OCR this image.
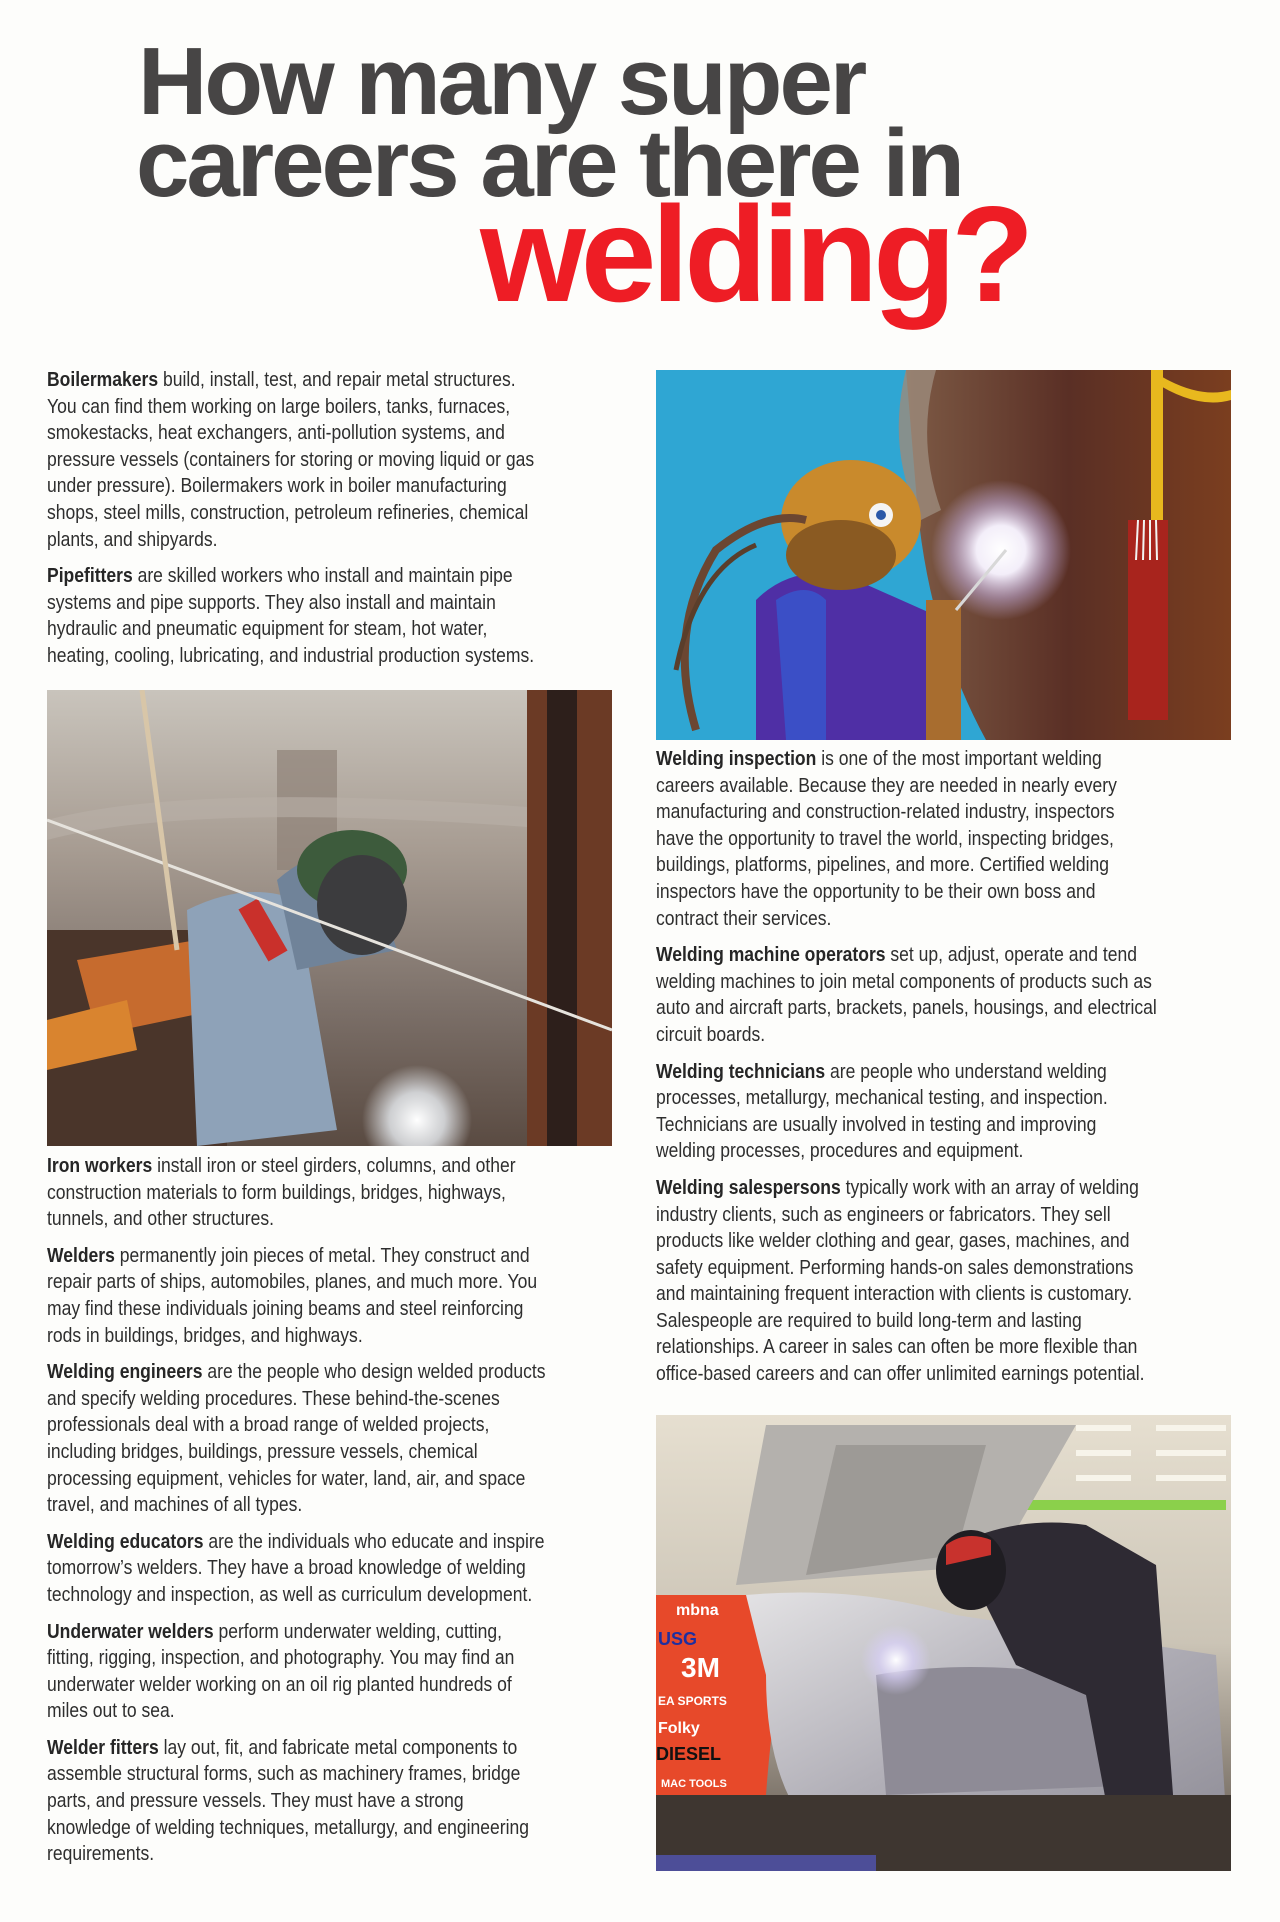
How many super
careers are there in
welding?
Boilermakers build, install, test, and repair metal structures.
You can find them working on large boilers, tanks, furnaces,
smokestacks, heat exchangers, anti-pollution systems, and
pressure vessels (containers for storing or moving liquid or gas
under pressure). Boilermakers work in boiler manufacturing
shops, steel mills, construction, petroleum refineries, chemical
plants, and shipyards.
Pipefitters are skilled workers who install and maintain pipe
systems and pipe supports. They also install and maintain
hydraulic and pneumatic equipment for steam, hot water,
heating, cooling, lubricating, and industrial production systems.
Iron workers install iron or steel girders, columns, and other
construction materials to form buildings, bridges, highways,
tunnels, and other structures.
Welders permanently join pieces of metal. They construct and
repair parts of ships, automobiles, planes, and much more. You
may find these individuals joining beams and steel reinforcing
rods in buildings, bridges, and highways.
Welding engineers are the people who design welded products
and specify welding procedures. These behind-the-scenes
professionals deal with a broad range of welded projects,
including bridges, buildings, pressure vessels, chemical
processing equipment, vehicles for water, land, air, and space
travel, and machines of all types.
Welding educators are the individuals who educate and inspire
tomorrow’s welders. They have a broad knowledge of welding
technology and inspection, as well as curriculum development.
Underwater welders perform underwater welding, cutting,
fitting, rigging, inspection, and photography. You may find an
underwater welder working on an oil rig planted hundreds of
miles out to sea.
Welder fitters lay out, fit, and fabricate metal components to
assemble structural forms, such as machinery frames, bridge
parts, and pressure vessels. They must have a strong
knowledge of welding techniques, metallurgy, and engineering
requirements.
Welding inspection is one of the most important welding
careers available. Because they are needed in nearly every
manufacturing and construction-related industry, inspectors
have the opportunity to travel the world, inspecting bridges,
buildings, platforms, pipelines, and more. Certified welding
inspectors have the opportunity to be their own boss and
contract their services.
Welding machine operators set up, adjust, operate and tend
welding machines to join metal components of products such as
auto and aircraft parts, brackets, panels, housings, and electrical
circuit boards.
Welding technicians are people who understand welding
processes, metallurgy, mechanical testing, and inspection.
Technicians are usually involved in testing and improving
welding processes, procedures and equipment.
Welding salespersons typically work with an array of welding
industry clients, such as engineers or fabricators. They sell
products like welder clothing and gear, gases, machines, and
safety equipment. Performing hands-on sales demonstrations
and maintaining frequent interaction with clients is customary.
Salespeople are required to build long-term and lasting
relationships. A career in sales can often be more flexible than
office-based careers and can offer unlimited earnings potential.
mbna
USG
3M
EA SPORTS
Folky
DIESEL
MAC TOOLS
